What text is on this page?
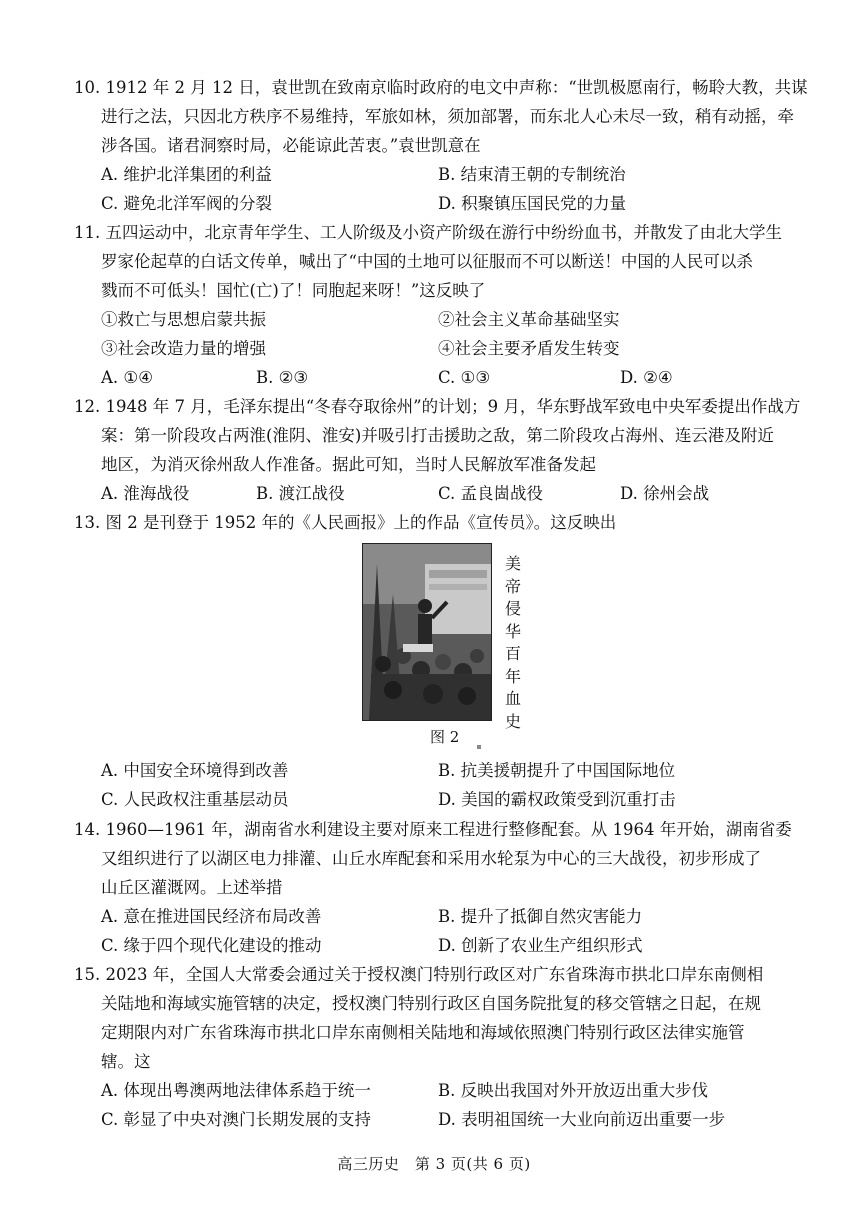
10. 1912 年 2 月 12 日，袁世凯在致南京临时政府的电文中声称：“世凯极愿南行，畅聆大教，共谋
进行之法，只因北方秩序不易维持，军旅如林，须加部署，而东北人心未尽一致，稍有动摇，牵
涉各国。诸君洞察时局，必能谅此苦衷。”袁世凯意在
A. 维护北洋集团的利益	B. 结束清王朝的专制统治
C. 避免北洋军阀的分裂	D. 积聚镇压国民党的力量
11. 五四运动中，北京青年学生、工人阶级及小资产阶级在游行中纷纷血书，并散发了由北大学生
罗家伦起草的白话文传单，喊出了“中国的土地可以征服而不可以断送！中国的人民可以杀
戮而不可低头！国忙(亡)了！同胞起来呀！”这反映了
①救亡与思想启蒙共振	②社会主义革命基础坚实
③社会改造力量的增强	④社会主要矛盾发生转变
A. ①④	B. ②③	C. ①③	D. ②④
12. 1948 年 7 月，毛泽东提出“冬春夺取徐州”的计划；9 月，华东野战军致电中央军委提出作战方
案：第一阶段攻占两淮(淮阴、淮安)并吸引打击援助之敌，第二阶段攻占海州、连云港及附近
地区，为消灭徐州敌人作准备。据此可知，当时人民解放军准备发起
A. 淮海战役	B. 渡江战役	C. 孟良崮战役	D. 徐州会战
13. 图 2 是刊登于 1952 年的《人民画报》上的作品《宣传员》。这反映出
美帝侵华百年血史
图 2
A. 中国安全环境得到改善	B. 抗美援朝提升了中国国际地位
C. 人民政权注重基层动员	D. 美国的霸权政策受到沉重打击
14. 1960—1961 年，湖南省水利建设主要对原来工程进行整修配套。从 1964 年开始，湖南省委
又组织进行了以湖区电力排灌、山丘水库配套和采用水轮泵为中心的三大战役，初步形成了
山丘区灌溉网。上述举措
A. 意在推进国民经济布局改善	B. 提升了抵御自然灾害能力
C. 缘于四个现代化建设的推动	D. 创新了农业生产组织形式
15. 2023 年，全国人大常委会通过关于授权澳门特别行政区对广东省珠海市拱北口岸东南侧相
关陆地和海域实施管辖的决定，授权澳门特别行政区自国务院批复的移交管辖之日起，在规
定期限内对广东省珠海市拱北口岸东南侧相关陆地和海域依照澳门特别行政区法律实施管
辖。这
A. 体现出粤澳两地法律体系趋于统一	B. 反映出我国对外开放迈出重大步伐
C. 彰显了中央对澳门长期发展的支持	D. 表明祖国统一大业向前迈出重要一步
高三历史　第 3 页(共 6 页)
